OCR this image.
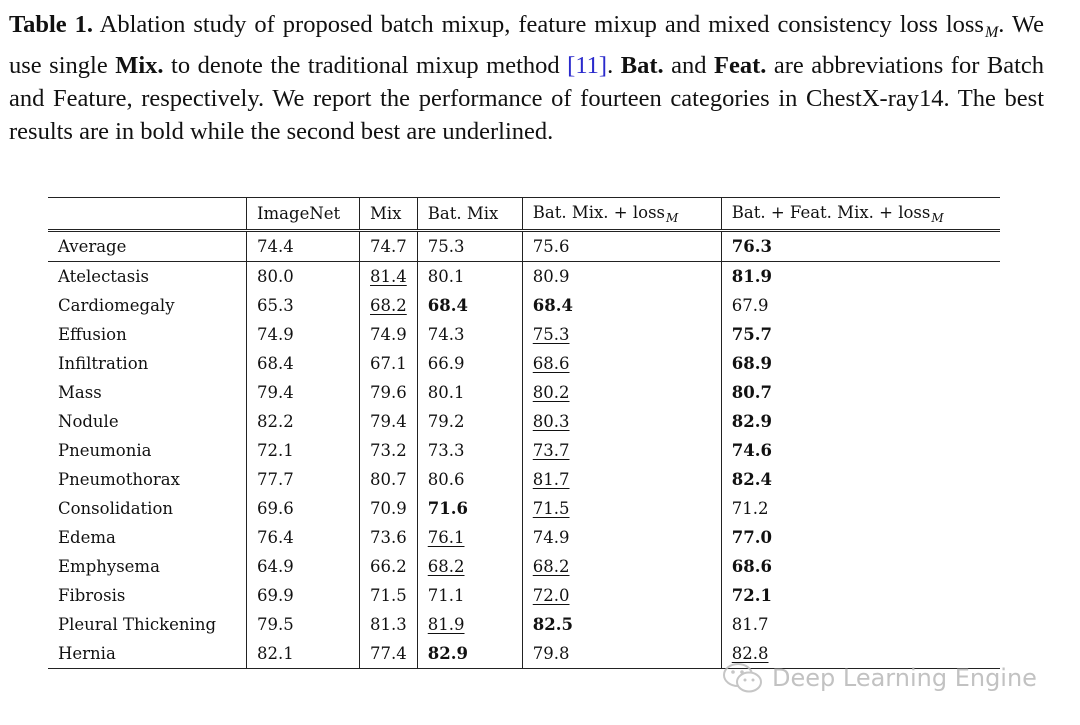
Table 1. Ablation study of proposed batch mixup, feature mixup and mixed consistency loss loss$_M$. We use single Mix. to denote the traditional mixup method [11]. Bat. and Feat. are abbreviations for Batch and Feature, respectively. We report the performance of fourteen categories in ChestX-ray14. The best results are in bold while the second best are underlined.
	ImageNet	Mix	Bat. Mix	Bat. Mix. + loss$_M$	Bat. + Feat. Mix. + loss$_M$
Average	74.4	74.7	75.3	75.6	76.3
Atelectasis	80.0	81.4	80.1	80.9	81.9
Cardiomegaly	65.3	68.2	68.4	68.4	67.9
Effusion	74.9	74.9	74.3	75.3	75.7
Infiltration	68.4	67.1	66.9	68.6	68.9
Mass	79.4	79.6	80.1	80.2	80.7
Nodule	82.2	79.4	79.2	80.3	82.9
Pneumonia	72.1	73.2	73.3	73.7	74.6
Pneumothorax	77.7	80.7	80.6	81.7	82.4
Consolidation	69.6	70.9	71.6	71.5	71.2
Edema	76.4	73.6	76.1	74.9	77.0
Emphysema	64.9	66.2	68.2	68.2	68.6
Fibrosis	69.9	71.5	71.1	72.0	72.1
Pleural Thickening	79.5	81.3	81.9	82.5	81.7
Hernia	82.1	77.4	82.9	79.8	82.8
Deep Learning Engine
